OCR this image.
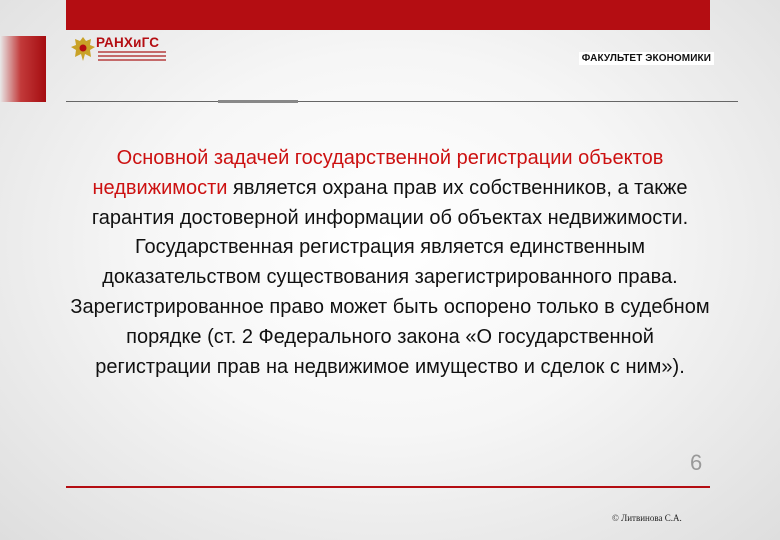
РАНХиГС
ФАКУЛЬТЕТ ЭКОНОМИКИ
Основной задачей государственной регистрации объектов недвижимости является охрана прав их собственников, а также гарантия достоверной информации об объектах недвижимости. Государственная регистрация является единственным доказательством существования зарегистрированного права. Зарегистрированное право может быть оспорено только в судебном порядке (ст. 2 Федерального закона «О государственной регистрации прав на недвижимое имущество и сделок с ним»).
6
© Литвинова С.А.
